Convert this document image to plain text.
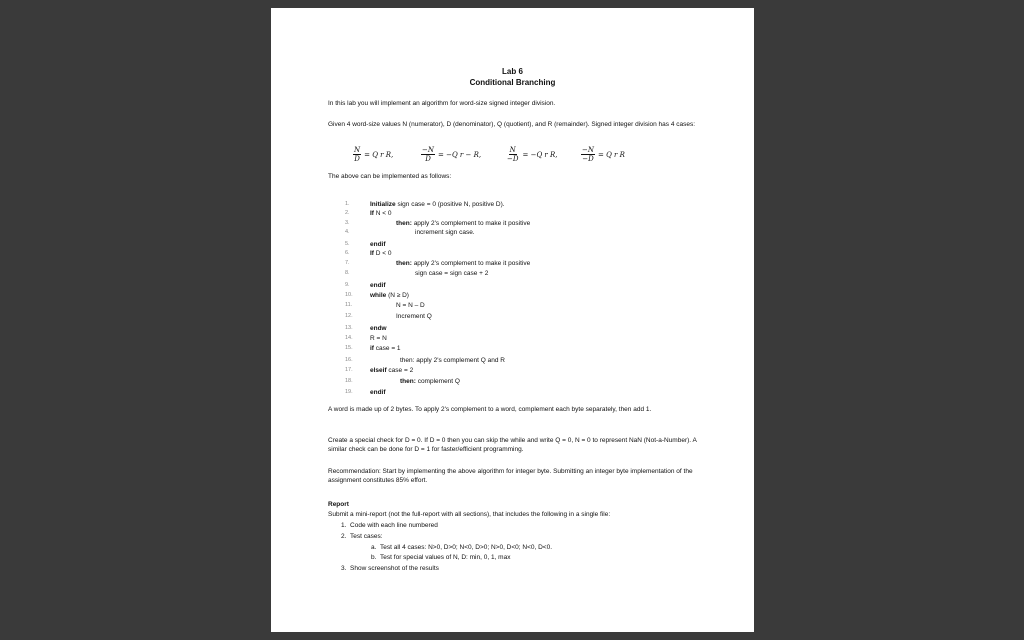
Lab 6
Conditional Branching
In this lab you will implement an algorithm for word-size signed integer division.
Given 4 word-size values N (numerator), D (denominator), Q (quotient), and R (remainder). Signed integer division has 4 cases:
$\frac{N}{D} = Q$ r R,	$\frac{-N}{D} = -Q$ r − R,	$\frac{N}{-D} = -Q$ r R,	$\frac{-N}{-D} = Q$ r R
The above can be implemented as follows:
1.	Initialize sign case = 0 (positive N, positive D).
2.	If N < 0
3.	then: apply 2's complement to make it positive
4.	increment sign case.
5.	endif
6.	If D < 0
7.	then: apply 2's complement to make it positive
8.	sign case = sign case + 2
9.	endif
10.	while (N ≥ D)
11.	N = N – D
12.	Increment Q
13.	endw
14.	R = N
15.	if case = 1
16.	then: apply 2's complement Q and R
17.	elseif case = 2
18.	then: complement Q
19.	endif
A word is made up of 2 bytes. To apply 2's complement to a word, complement each byte separately, then add 1.
Create a special check for D = 0. If D = 0 then you can skip the while and write Q = 0, N = 0 to represent NaN (Not-a-Number). A similar check can be done for D = 1 for faster/efficient programming.
Recommendation: Start by implementing the above algorithm for integer byte. Submitting an integer byte implementation of the assignment constitutes 85% effort.
Report
Submit a mini-report (not the full-report with all sections), that includes the following in a single file:
1. Code with each line numbered
2. Test cases:
a. Test all 4 cases: N>0, D>0; N<0, D>0; N>0, D<0; N<0, D<0.
b. Test for special values of N, D: min, 0, 1, max
3. Show screenshot of the results
